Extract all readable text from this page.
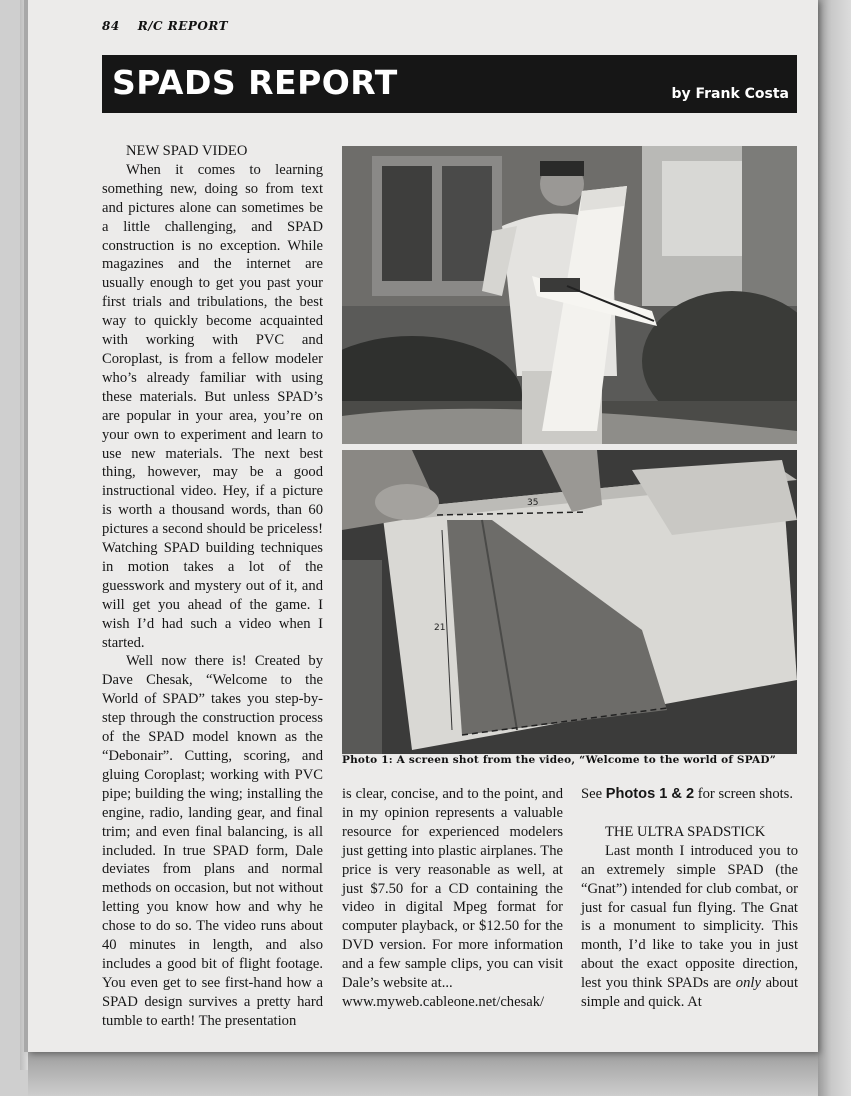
84 R/C REPORT
SPADS REPORT	by Frank Costa

NEW SPAD VIDEO

When it comes to learning something new, doing so from text and pictures alone can sometimes be a little challenging, and SPAD construction is no exception. While magazines and the internet are usually enough to get you past your first trials and tribulations, the best way to quickly become acquainted with working with PVC and Coroplast, is from a fellow modeler who’s already familiar with using these materials. But unless SPAD’s are popular in your area, you’re on your own to experiment and learn to use new materials. The next best thing, however, may be a good instructional video. Hey, if a picture is worth a thousand words, than 60 pictures a second should be priceless! Watching SPAD building techniques in motion takes a lot of the guesswork and mystery out of it, and will get you ahead of the game. I wish I’d had such a video when I started.

Well now there is! Created by Dave Chesak, “Welcome to the World of SPAD” takes you step-by-step through the construction process of the SPAD model known as the “Debonair”. Cutting, scoring, and gluing Coroplast; working with PVC pipe; building the wing; installing the engine, radio, landing gear, and final trim; and even final balancing, is all included. In true SPAD form, Dale deviates from plans and normal methods on occasion, but not without letting you know how and why he chose to do so. The video runs about 40 minutes in length, and also includes a good bit of flight footage. You even get to see first-hand how a SPAD design survives a pretty hard tumble to earth! The presentation

35
21
Photo 1: A screen shot from the video, “Welcome to the world of SPAD”

is clear, concise, and to the point, and in my opinion represents a valuable resource for experienced modelers just getting into plastic airplanes. The price is very reasonable as well, at just $7.50 for a CD containing the video in digital Mpeg format for computer playback, or $12.50 for the DVD version. For more information and a few sample clips, you can visit Dale’s website at...

www.myweb.cableone.net/chesak/

See Photos 1 & 2 for screen shots.

THE ULTRA SPADSTICK

Last month I introduced you to an extremely simple SPAD (the “Gnat”) intended for club combat, or just for casual fun flying. The Gnat is a monument to simplicity. This month, I’d like to take you in just about the exact opposite direction, lest you think SPADs are only about simple and quick. At
